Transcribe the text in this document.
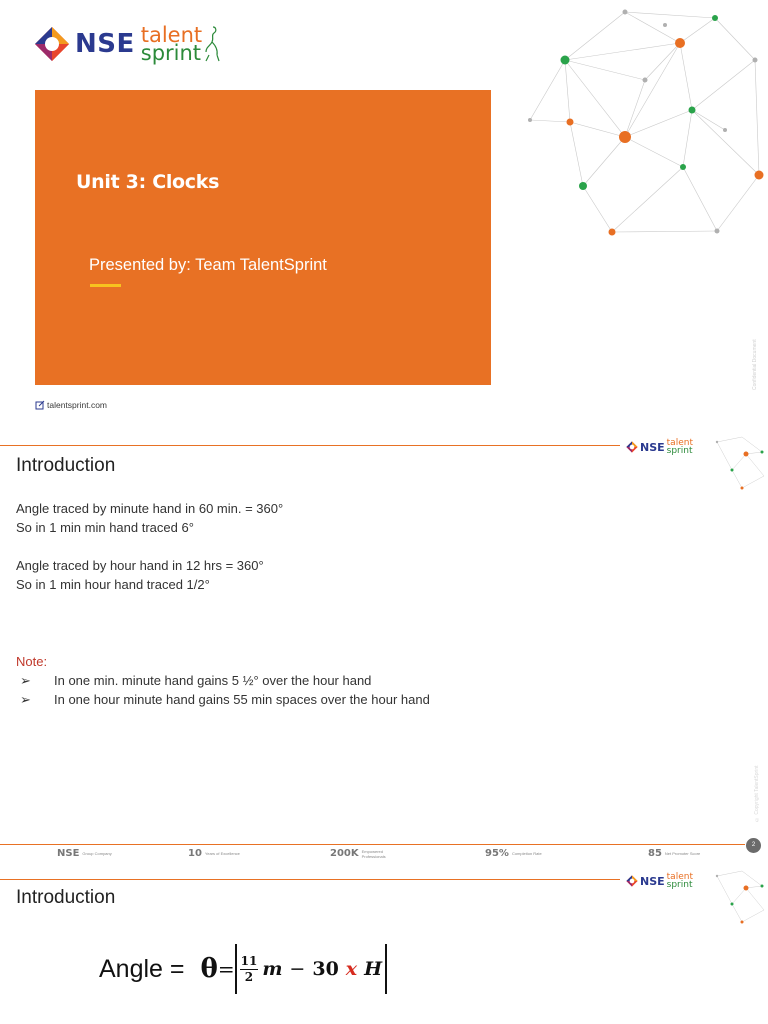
NSE talent
sprint
Unit 3: Clocks
Presented by: Team TalentSprint
talentsprint.com
Confidential Document
NSE talent
sprint
Introduction
Angle traced by minute hand in 60 min. = 360°
So in 1 min min hand traced 6°
Angle traced by hour hand in 12 hrs = 360°
So in 1 min hour hand traced 1/2°
Note:
➢	In one min. minute hand gains 5 ½° over the hour hand
➢	In one hour minute hand gains 55 min spaces over the hour hand
© Copyright TalentSprint
2
NSE Group Company	10 Years of Excellence	200K Empowered Professionals	95% Completion Rate	85 Net Promoter Score
NSE talent
sprint
Introduction
Angle = $\theta = \frac{11}{2}$ m − 30 x H
